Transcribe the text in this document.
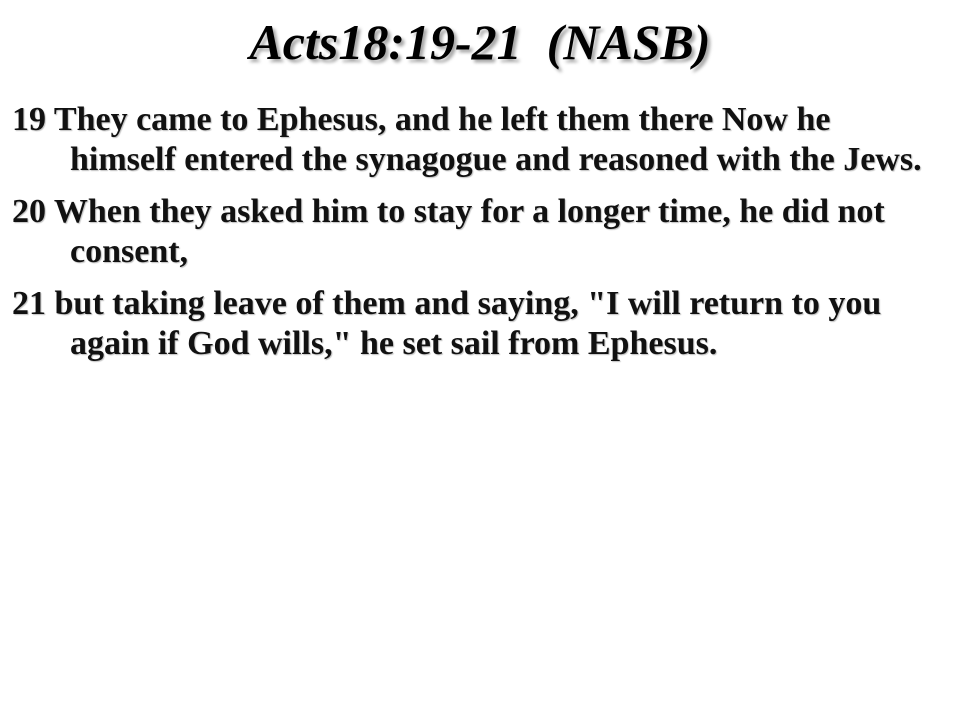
Acts18:19-21  (NASB)

19 They came to Ephesus, and he left them there Now he himself entered the synagogue and reasoned with the Jews.

20 When they asked him to stay for a longer time, he did not consent,

21 but taking leave of them and saying, "I will return to you again if God wills," he set sail from Ephesus.
